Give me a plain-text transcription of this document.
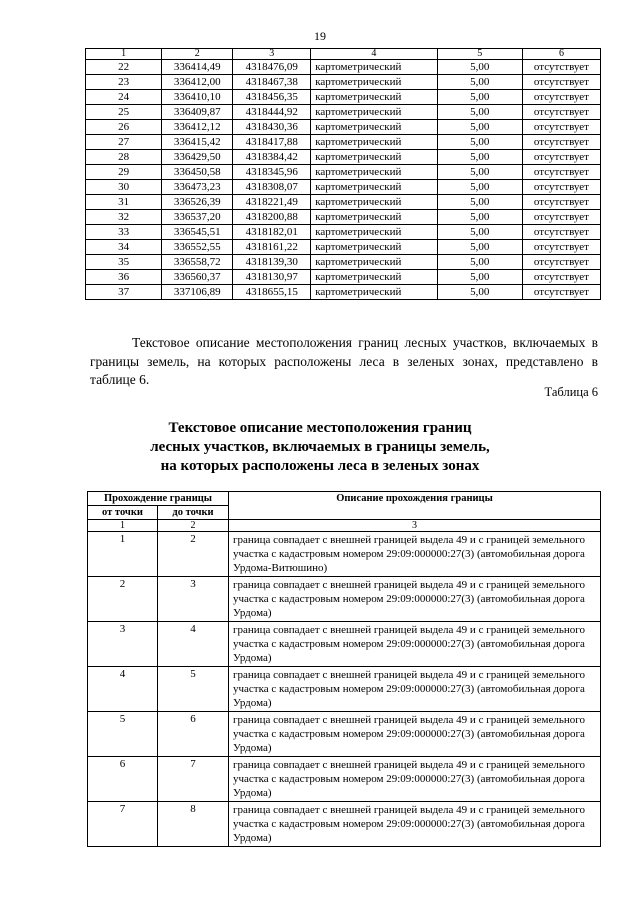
19
1	2	3	4	5	6
22	336414,49	4318476,09	картометрический	5,00	отсутствует
23	336412,00	4318467,38	картометрический	5,00	отсутствует
24	336410,10	4318456,35	картометрический	5,00	отсутствует
25	336409,87	4318444,92	картометрический	5,00	отсутствует
26	336412,12	4318430,36	картометрический	5,00	отсутствует
27	336415,42	4318417,88	картометрический	5,00	отсутствует
28	336429,50	4318384,42	картометрический	5,00	отсутствует
29	336450,58	4318345,96	картометрический	5,00	отсутствует
30	336473,23	4318308,07	картометрический	5,00	отсутствует
31	336526,39	4318221,49	картометрический	5,00	отсутствует
32	336537,20	4318200,88	картометрический	5,00	отсутствует
33	336545,51	4318182,01	картометрический	5,00	отсутствует
34	336552,55	4318161,22	картометрический	5,00	отсутствует
35	336558,72	4318139,30	картометрический	5,00	отсутствует
36	336560,37	4318130,97	картометрический	5,00	отсутствует
37	337106,89	4318655,15	картометрический	5,00	отсутствует
Текстовое описание местоположения границ лесных участков, включаемых в границы земель, на которых расположены леса в зеленых зонах, представлено в таблице 6.
Таблица 6
Текстовое описание местоположения границ
лесных участков, включаемых в границы земель,
на которых расположены леса в зеленых зонах
Прохождение границы		Описание прохождения границы
от точки	до точки	
1	2	3
1	2	граница совпадает с внешней границей выдела 49 и с границей земельного участка с кадастровым номером 29:09:000000:27(3) (автомобильная дорога Урдома-Витюшино)
2	3	граница совпадает с внешней границей выдела 49 и с границей земельного участка с кадастровым номером 29:09:000000:27(3) (автомобильная дорога Урдома)
3	4	граница совпадает с внешней границей выдела 49 и с границей земельного участка с кадастровым номером 29:09:000000:27(3) (автомобильная дорога Урдома)
4	5	граница совпадает с внешней границей выдела 49 и с границей земельного участка с кадастровым номером 29:09:000000:27(3) (автомобильная дорога Урдома)
5	6	граница совпадает с внешней границей выдела 49 и с границей земельного участка с кадастровым номером 29:09:000000:27(3) (автомобильная дорога Урдома)
6	7	граница совпадает с внешней границей выдела 49 и с границей земельного участка с кадастровым номером 29:09:000000:27(3) (автомобильная дорога Урдома)
7	8	граница совпадает с внешней границей выдела 49 и с границей земельного участка с кадастровым номером 29:09:000000:27(3) (автомобильная дорога Урдома)
